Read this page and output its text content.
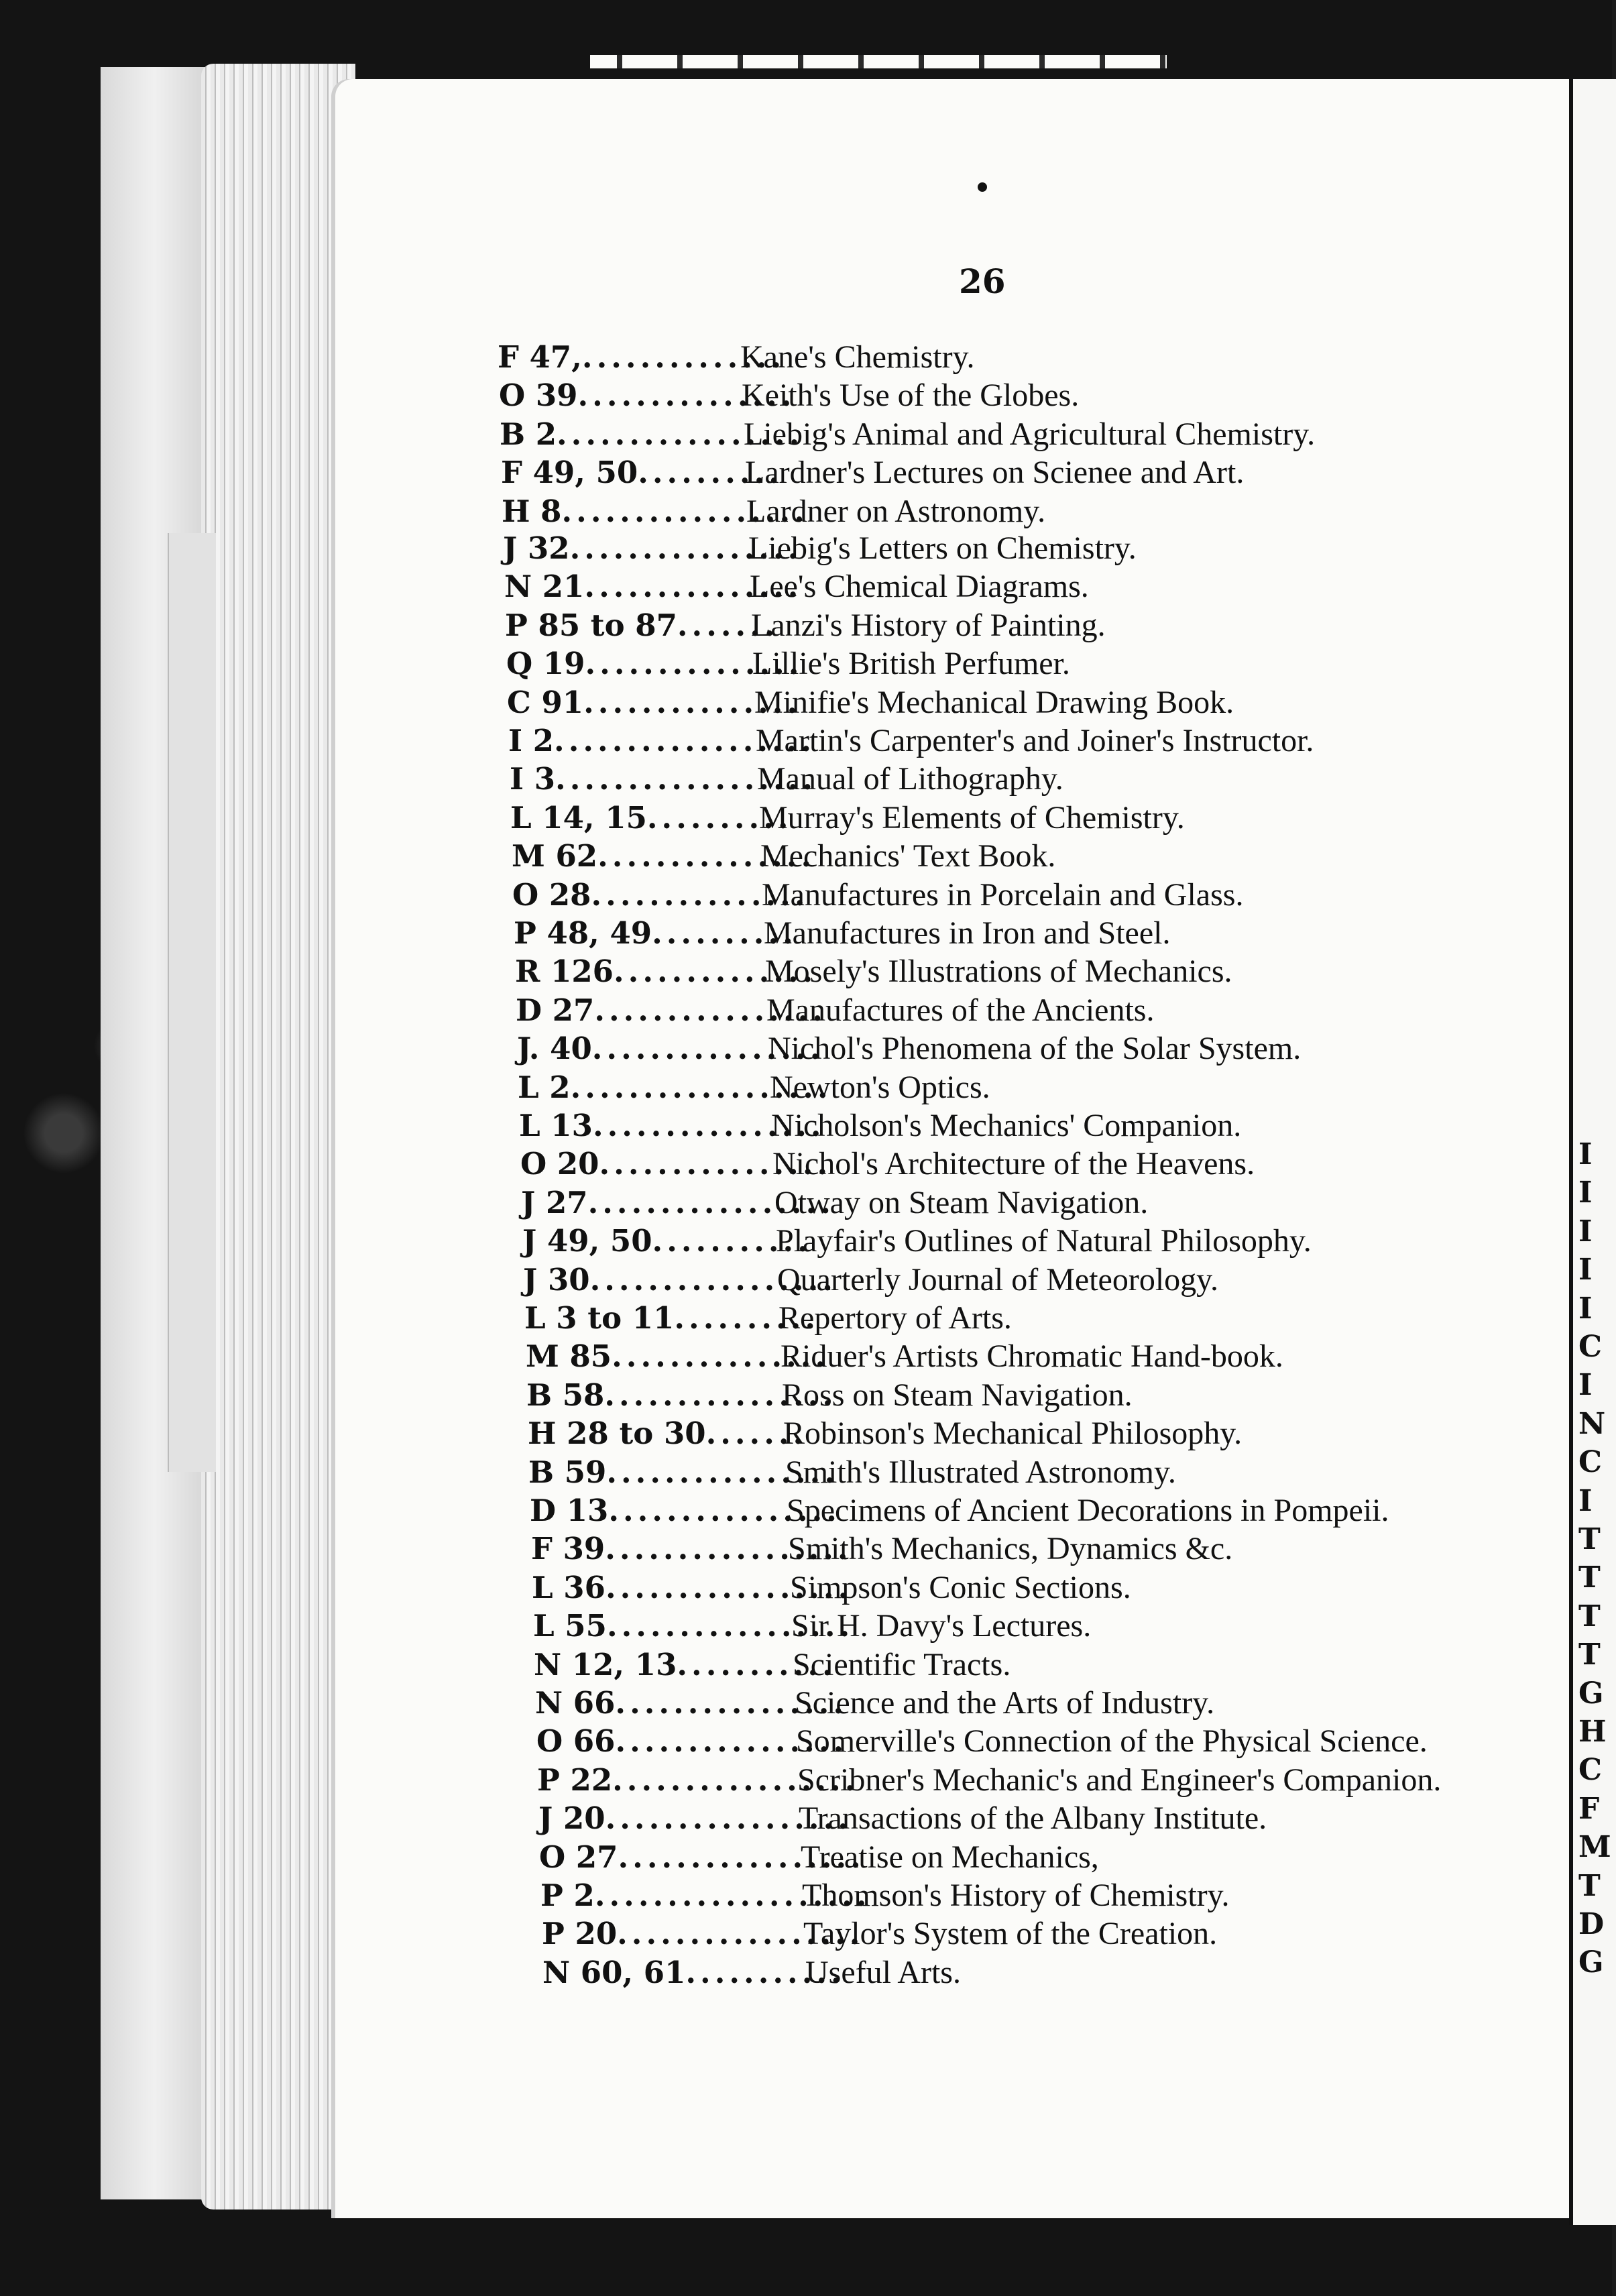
26
I
I
I
I
I
C
I
N
C
I
T
T
T
T
G
H
C
F
M
T
D
G
F 47, ..............
Kane's Chemistry.
O 39 ...............
Keith's Use of the Globes.
B 2 .................
Liebig's Animal and Agricultural Chemistry.
F 49, 50 ..........
Lardner's Lectures on Scienee and Art.
H 8 .................
Lardner on Astronomy.
J 32 ................
Liebig's Letters on Chemistry.
N 21 ...............
Lee's Chemical Diagrams.
P 85 to 87 .......
Lanzi's History of Painting.
Q 19 ...............
Lillie's British Perfumer.
C 91 ...............
Minifie's Mechanical Drawing Book.
I 2 ..................
Martin's Carpenter's and Joiner's Instructor.
I 3 ..................
Manual of Lithography.
L 14, 15 ..........
Murray's Elements of Chemistry.
M 62 ...............
Mechanics' Text Book.
O 28 ...............
Manufactures in Porcelain and Glass.
P 48, 49 ..........
Manufactures in Iron and Steel.
R 126 ..............
Mosely's Illustrations of Mechanics.
D 27 ................
Manufactures of the Ancients.
J. 40 ................
Nichol's Phenomena of the Solar System.
L 2 ..................
Newton's Optics.
L 13 ................
Nicholson's Mechanics' Companion.
O 20 ................
Nichol's Architecture of the Heavens.
J 27 .................
Otway on Steam Navigation.
J 49, 50 ...........
Playfair's Outlines of Natural Philosophy.
J 30 .................
Quarterly Journal of Meteorology.
L 3 to 11 ..........
Repertory of Arts.
M 85 ...............
Riduer's Artists Chromatic Hand-book.
B 58 ................
Ross on Steam Navigation.
H 28 to 30 .......
Robinson's Mechanical Philosophy.
B 59 ................
Smith's Illustrated Astronomy.
D 13 ................
Specimens of Ancient Decorations in Pompeii.
F 39 .................
Smith's Mechanics, Dynamics &c.
L 36 .................
Simpson's Conic Sections.
L 55 .................
Sir H. Davy's Lectures.
N 12, 13 ...........
Scientific Tracts.
N 66 ................
Science and the Arts of Industry.
O 66 ................
Somerville's Connection of the Physical Science.
P 22 .................
Scribner's Mechanic's and Engineer's Companion.
J 20 .................
Transactions of the Albany Institute.
O 27 .................
Treatise on Mechanics,
P 2 ...................
Thomson's History of Chemistry.
P 20 .................
Taylor's System of the Creation.
N 60, 61 ...........
Useful Arts.
